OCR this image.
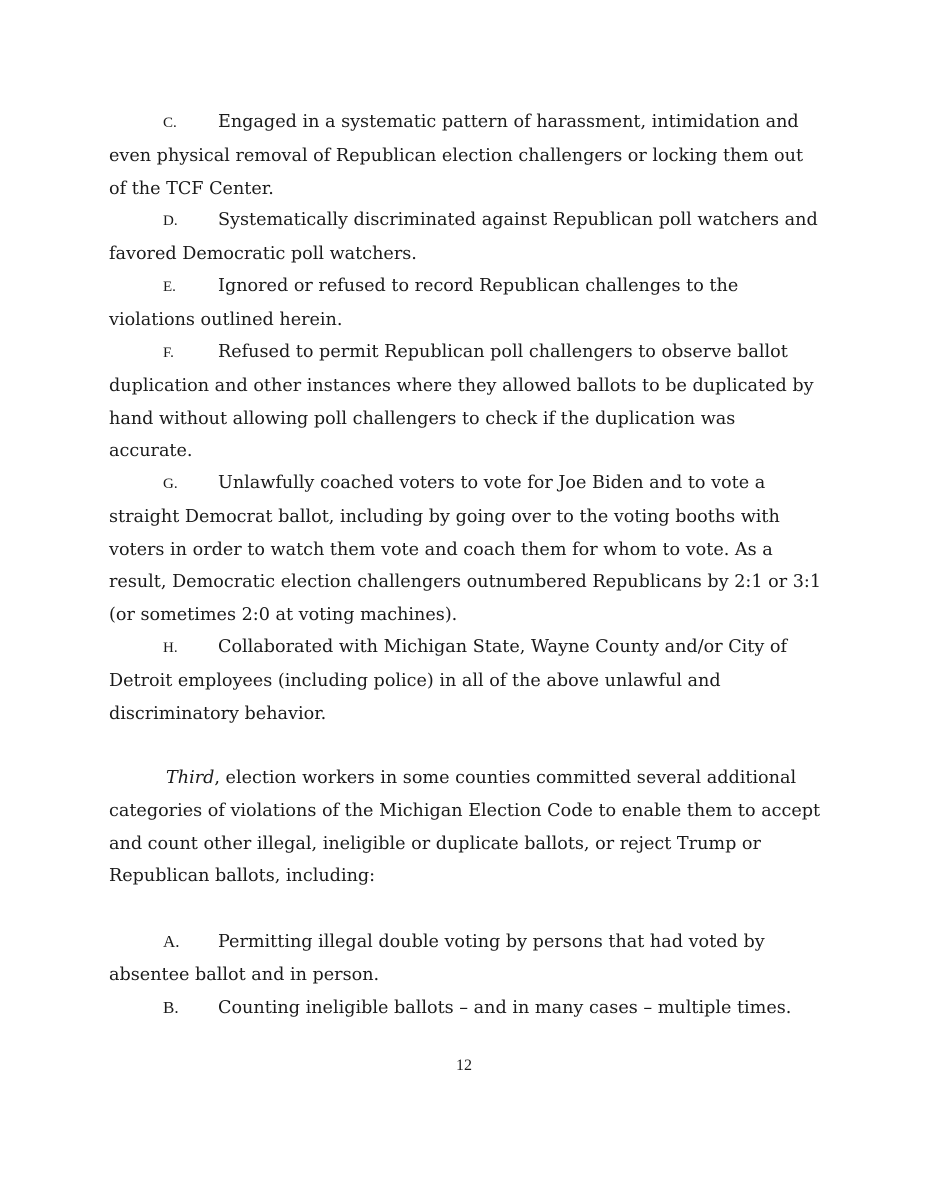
C. Engaged in a systematic pattern of harassment, intimidation and even physical removal of Republican election challengers or locking them out of the TCF Center.

D. Systematically discriminated against Republican poll watchers and favored Democratic poll watchers.

E. Ignored or refused to record Republican challenges to the violations outlined herein.

F.	Refused to permit Republican poll challengers to observe ballot duplication and other instances where they allowed ballots to be duplicated by hand without allowing poll challengers to check if the duplication was accurate.

G. Unlawfully coached voters to vote for Joe Biden and to vote a straight Democrat ballot, including by going over to the voting booths with voters in order to watch them vote and coach them for whom to vote. As a result, Democratic election challengers outnumbered Republicans by 2:1 or 3:1 (or sometimes 2:0 at voting machines).

H. Collaborated with Michigan State, Wayne County and/or City of Detroit employees (including police) in all of the above unlawful and discriminatory behavior.

Third, election workers in some counties committed several additional categories of violations of the Michigan Election Code to enable them to accept and count other illegal, ineligible or duplicate ballots, or reject Trump or Republican ballots, including:

A. Permitting illegal double voting by persons that had voted by absentee ballot and in person.

B. Counting ineligible ballots – and in many cases – multiple times.

12
